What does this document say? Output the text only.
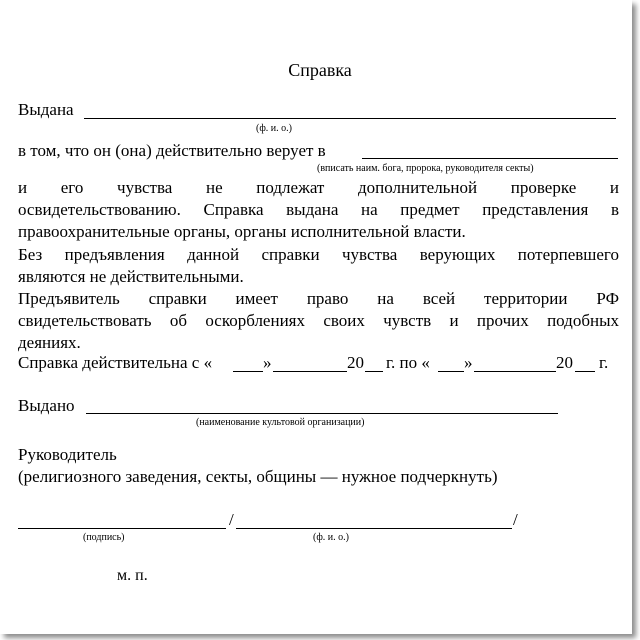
Справка
Выдана
(ф. и. о.)
в том, что он (она) действительно верует в
(вписать наим. бога, пророка, руководителя секты)
и его чувства не подлежат дополнительной проверке и
освидетельствованию. Справка выдана на предмет представления в
правоохранительные органы, органы исполнительной власти.
Без предъявления данной справки чувства верующих потерпевшего
являются не действительными.
Предъявитель справки имеет право на всей территории РФ
свидетельствовать об оскорблениях своих чувств и прочих подобных
деяниях.
Справка действительна с «	»	20 г. по « »	20 г.
Выдано
(наименование культовой организации)
Руководитель
(религиозного заведения, секты, общины — нужное подчеркнуть)
/	/
(подпись)	(ф. и. о.)
м. п.
